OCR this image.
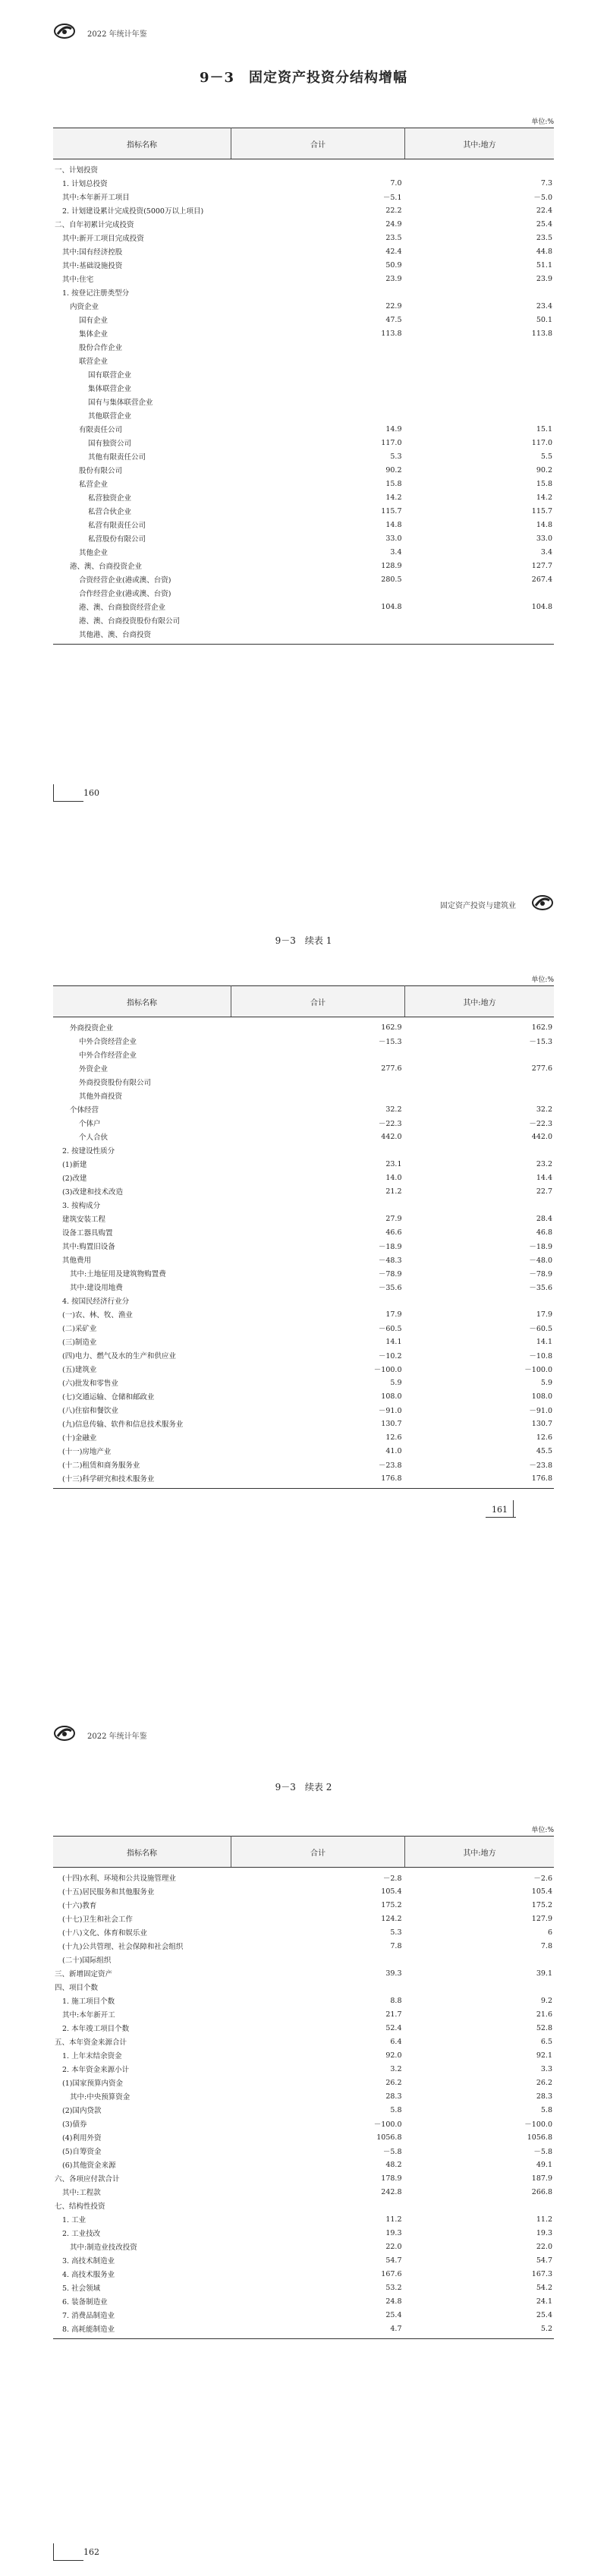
2022 年统计年鉴
9－3　固定资产投资分结构增幅
单位:%
指标名称	合计	其中:地方
一、计划投资		
1. 计划总投资	7.0	7.3
其中:本年新开工项目	－5.1	－5.0
2. 计划建设累计完成投资(5000万以上项目)	22.2	22.4
二、自年初累计完成投资	24.9	25.4
其中:新开工项目完成投资	23.5	23.5
其中:国有经济控股	42.4	44.8
其中:基础设施投资	50.9	51.1
其中:住宅	23.9	23.9
1. 按登记注册类型分		
内资企业	22.9	23.4
国有企业	47.5	50.1
集体企业	113.8	113.8
股份合作企业		
联营企业		
国有联营企业		
集体联营企业		
国有与集体联营企业		
其他联营企业		
有限责任公司	14.9	15.1
国有独资公司	117.0	117.0
其他有限责任公司	5.3	5.5
股份有限公司	90.2	90.2
私营企业	15.8	15.8
私营独资企业	14.2	14.2
私营合伙企业	115.7	115.7
私营有限责任公司	14.8	14.8
私营股份有限公司	33.0	33.0
其他企业	3.4	3.4
港、澳、台商投资企业	128.9	127.7
合资经营企业(港或澳、台资)	280.5	267.4
合作经营企业(港或澳、台资)		
港、澳、台商独资经营企业	104.8	104.8
港、澳、台商投资股份有限公司		
其他港、澳、台商投资		
160
固定资产投资与建筑业
9－3　续表 1
单位:%
指标名称	合计	其中:地方
外商投资企业	162.9	162.9
中外合资经营企业	－15.3	－15.3
中外合作经营企业		
外资企业	277.6	277.6
外商投资股份有限公司		
其他外商投资		
个体经营	32.2	32.2
个体户	－22.3	－22.3
个人合伙	442.0	442.0
2. 按建设性质分		
(1)新建	23.1	23.2
(2)改建	14.0	14.4
(3)改建和技术改造	21.2	22.7
3. 按构成分		
建筑安装工程	27.9	28.4
设备工器具购置	46.6	46.8
其中:购置旧设备	－18.9	－18.9
其他费用	－48.3	－48.0
其中:土地征用及建筑物购置费	－78.9	－78.9
其中:建设用地费	－35.6	－35.6
4. 按国民经济行业分		
(一)农、林、牧、渔业	17.9	17.9
(二)采矿业	－60.5	－60.5
(三)制造业	14.1	14.1
(四)电力、燃气及水的生产和供应业	－10.2	－10.8
(五)建筑业	－100.0	－100.0
(六)批发和零售业	5.9	5.9
(七)交通运输、仓储和邮政业	108.0	108.0
(八)住宿和餐饮业	－91.0	－91.0
(九)信息传输、软件和信息技术服务业	130.7	130.7
(十)金融业	12.6	12.6
(十一)房地产业	41.0	45.5
(十二)租赁和商务服务业	－23.8	－23.8
(十三)科学研究和技术服务业	176.8	176.8
161
2022 年统计年鉴
9－3　续表 2
单位:%
指标名称	合计	其中:地方
(十四)水利、环境和公共设施管理业	－2.8	－2.6
(十五)居民服务和其他服务业	105.4	105.4
(十六)教育	175.2	175.2
(十七)卫生和社会工作	124.2	127.9
(十八)文化、体育和娱乐业	5.3	6
(十九)公共管理、社会保障和社会组织	7.8	7.8
(二十)国际组织		
三、新增固定资产	39.3	39.1
四、项目个数		
1. 施工项目个数	8.8	9.2
其中:本年新开工	21.7	21.6
2. 本年竣工项目个数	52.4	52.8
五、本年资金来源合计	6.4	6.5
1. 上年末结余资金	92.0	92.1
2. 本年资金来源小计	3.2	3.3
(1)国家预算内资金	26.2	26.2
其中:中央预算资金	28.3	28.3
(2)国内贷款	5.8	5.8
(3)债券	－100.0	－100.0
(4)利用外资	1056.8	1056.8
(5)自筹资金	－5.8	－5.8
(6)其他资金来源	48.2	49.1
六、各项应付款合计	178.9	187.9
其中:工程款	242.8	266.8
七、结构性投资		
1. 工业	11.2	11.2
2. 工业技改	19.3	19.3
其中:制造业技改投资	22.0	22.0
3. 高技术制造业	54.7	54.7
4. 高技术服务业	167.6	167.3
5. 社会领域	53.2	54.2
6. 装备制造业	24.8	24.1
7. 消费品制造业	25.4	25.4
8. 高耗能制造业	4.7	5.2
162
